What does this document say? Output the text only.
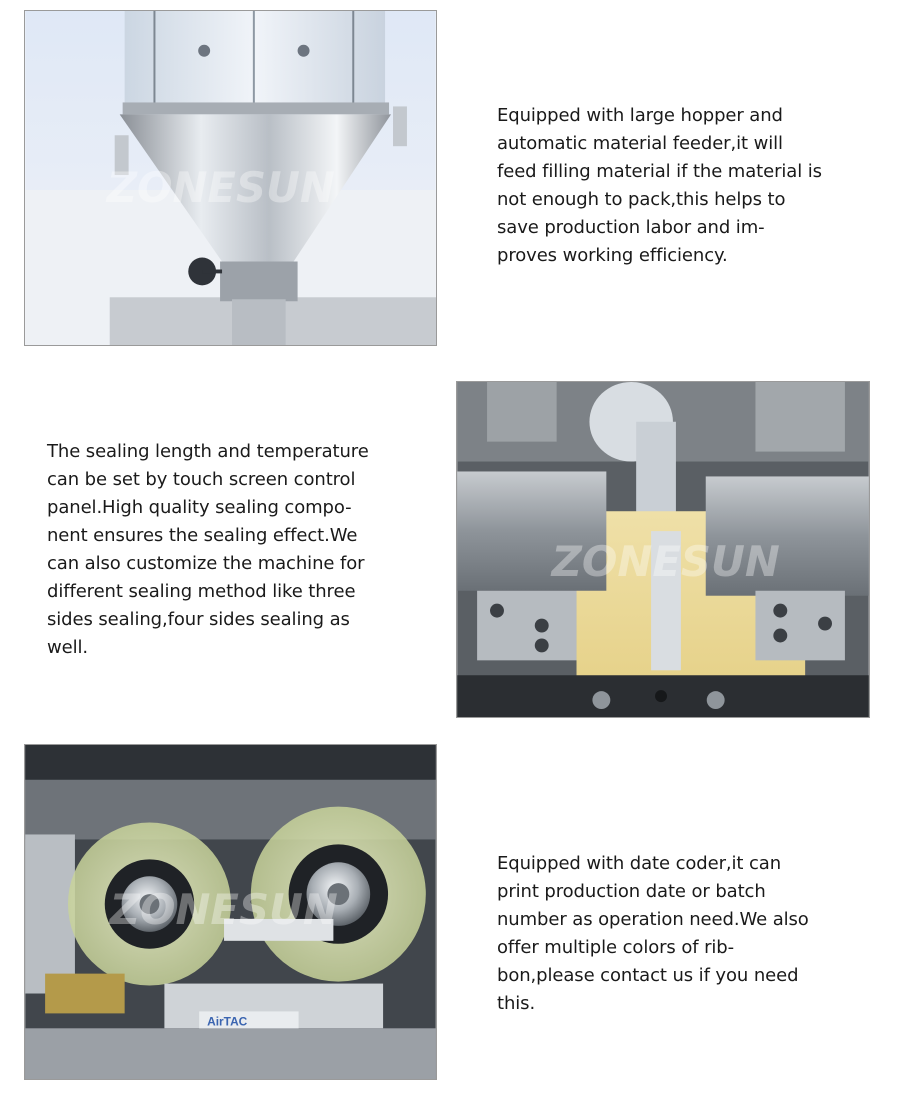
ZONESUN
Equipped with large hopper and
automatic material feeder,it will
feed filling material if the material is
not enough to pack,this helps to
save production labor and im-
proves working efficiency.
The sealing length and temperature
can be set by touch screen control
panel.High quality sealing compo-
nent ensures the sealing effect.We
can also customize the machine for
different sealing method like three
sides sealing,four sides sealing as
well.
ZONESUN
AirTAC
ZONESUN
Equipped with date coder,it can
print production date or batch
number as operation need.We also
offer multiple colors of rib-
bon,please contact us if you need
this.
